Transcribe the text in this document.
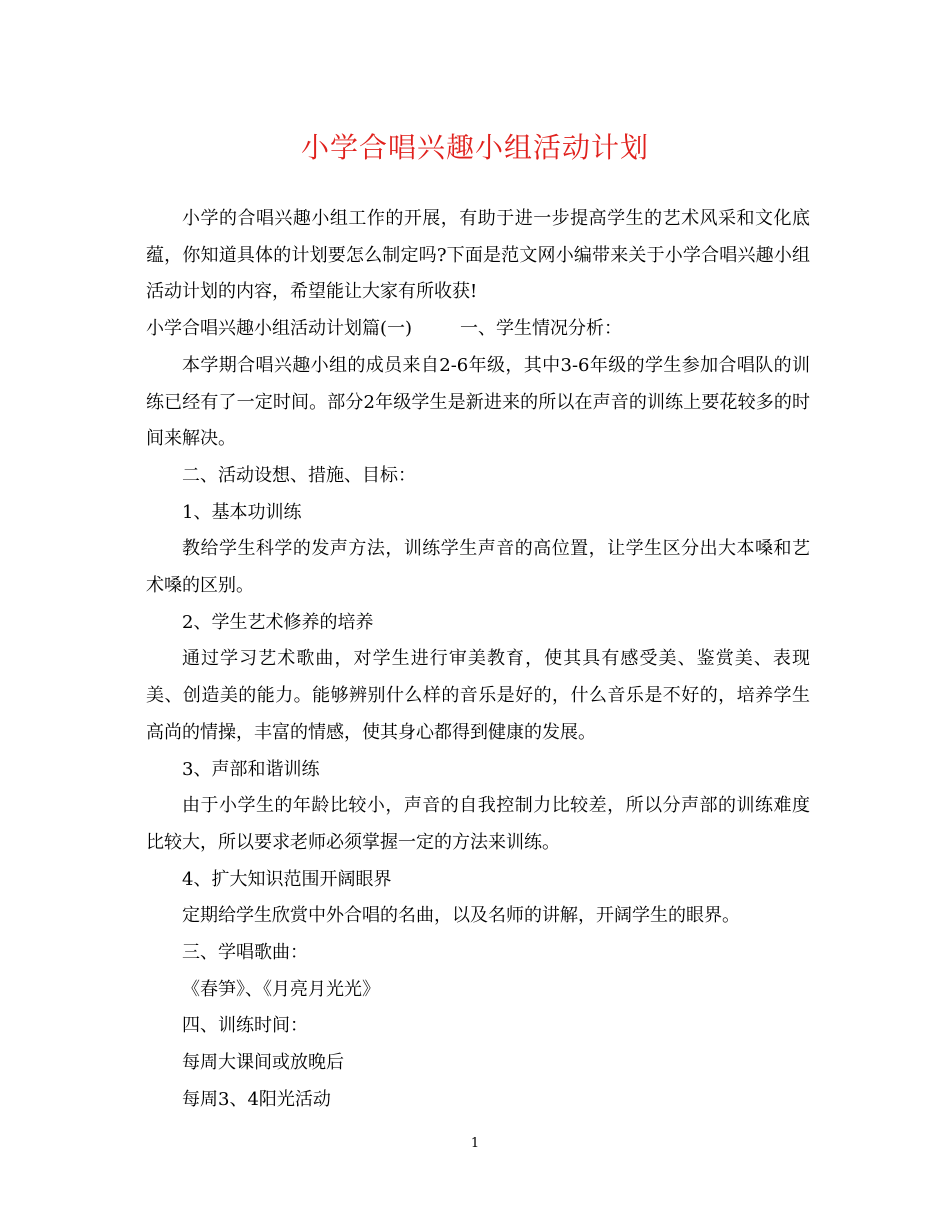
小学合唱兴趣小组活动计划

小学的合唱兴趣小组工作的开展，有助于进一步提高学生的艺术风采和文化底蕴，你知道具体的计划要怎么制定吗?下面是范文网小编带来关于小学合唱兴趣小组活动计划的内容，希望能让大家有所收获!

小学合唱兴趣小组活动计划篇(一)	一、学生情况分析：

本学期合唱兴趣小组的成员来自2-6年级，其中3-6年级的学生参加合唱队的训练已经有了一定时间。部分2年级学生是新进来的所以在声音的训练上要花较多的时间来解决。

二、活动设想、措施、目标：

1、基本功训练

教给学生科学的发声方法，训练学生声音的高位置，让学生区分出大本嗓和艺术嗓的区别。

2、学生艺术修养的培养

通过学习艺术歌曲，对学生进行审美教育，使其具有感受美、鉴赏美、表现美、创造美的能力。能够辨别什么样的音乐是好的，什么音乐是不好的，培养学生高尚的情操，丰富的情感，使其身心都得到健康的发展。

3、声部和谐训练

由于小学生的年龄比较小，声音的自我控制力比较差，所以分声部的训练难度比较大，所以要求老师必须掌握一定的方法来训练。

4、扩大知识范围开阔眼界

定期给学生欣赏中外合唱的名曲，以及名师的讲解，开阔学生的眼界。

三、学唱歌曲：

《春笋》、《月亮月光光》

四、训练时间：

每周大课间或放晚后

每周3、4阳光活动

1
